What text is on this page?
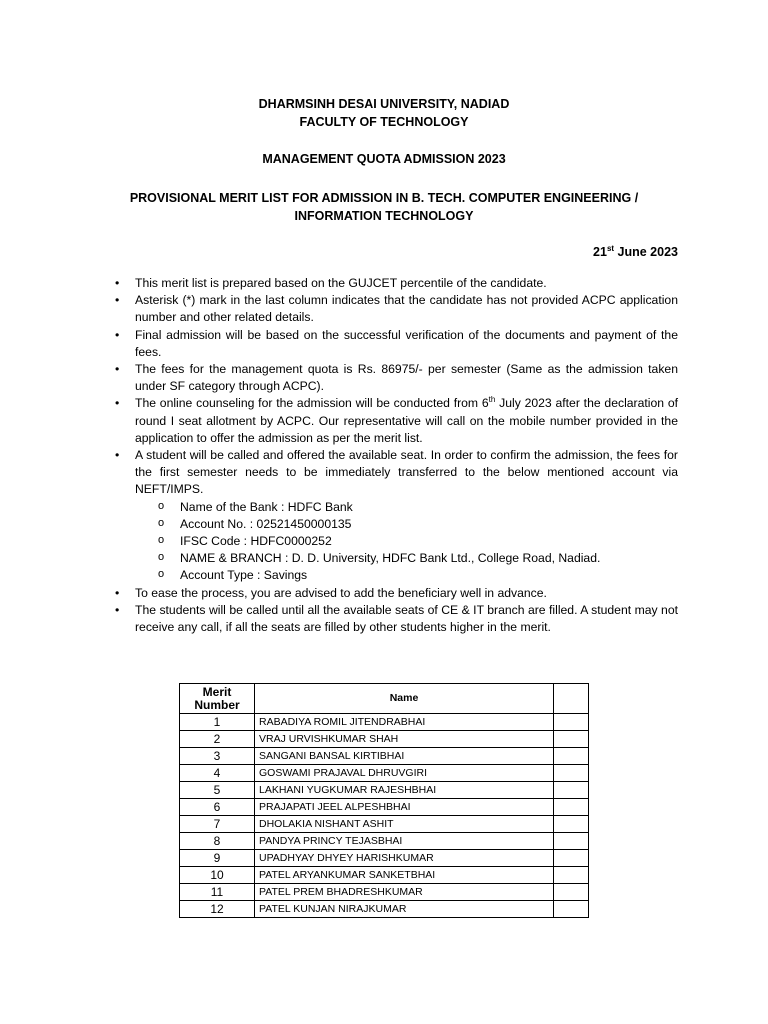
DHARMSINH DESAI UNIVERSITY, NADIAD
FACULTY OF TECHNOLOGY
MANAGEMENT QUOTA ADMISSION 2023
PROVISIONAL MERIT LIST FOR ADMISSION IN B. TECH. COMPUTER ENGINEERING /
INFORMATION TECHNOLOGY
21st June 2023
• This merit list is prepared based on the GUJCET percentile of the candidate.
• Asterisk (*) mark in the last column indicates that the candidate has not provided ACPC application number and other related details.
• Final admission will be based on the successful verification of the documents and payment of the fees.
• The fees for the management quota is Rs. 86975/- per semester (Same as the admission taken under SF category through ACPC).
• The online counseling for the admission will be conducted from 6th July 2023 after the declaration of round I seat allotment by ACPC. Our representative will call on the mobile number provided in the application to offer the admission as per the merit list.
• A student will be called and offered the available seat. In order to confirm the admission, the fees for the first semester needs to be immediately transferred to the below mentioned account via NEFT/IMPS.
o Name of the Bank : HDFC Bank
o Account No. : 02521450000135
o IFSC Code : HDFC0000252
o NAME & BRANCH : D. D. University, HDFC Bank Ltd., College Road, Nadiad.
o Account Type : Savings
• To ease the process, you are advised to add the beneficiary well in advance.
• The students will be called until all the available seats of CE & IT branch are filled. A student may not receive any call, if all the seats are filled by other students higher in the merit.
Merit
Number	Name	
1	RABADIYA ROMIL JITENDRABHAI	
2	VRAJ URVISHKUMAR SHAH	
3	SANGANI BANSAL KIRTIBHAI	
4	GOSWAMI PRAJAVAL DHRUVGIRI	
5	LAKHANI YUGKUMAR RAJESHBHAI	
6	PRAJAPATI JEEL ALPESHBHAI	
7	DHOLAKIA NISHANT ASHIT	
8	PANDYA PRINCY TEJASBHAI	
9	UPADHYAY DHYEY HARISHKUMAR	
10	PATEL ARYANKUMAR SANKETBHAI	
11	PATEL PREM BHADRESHKUMAR	
12	PATEL KUNJAN NIRAJKUMAR	
